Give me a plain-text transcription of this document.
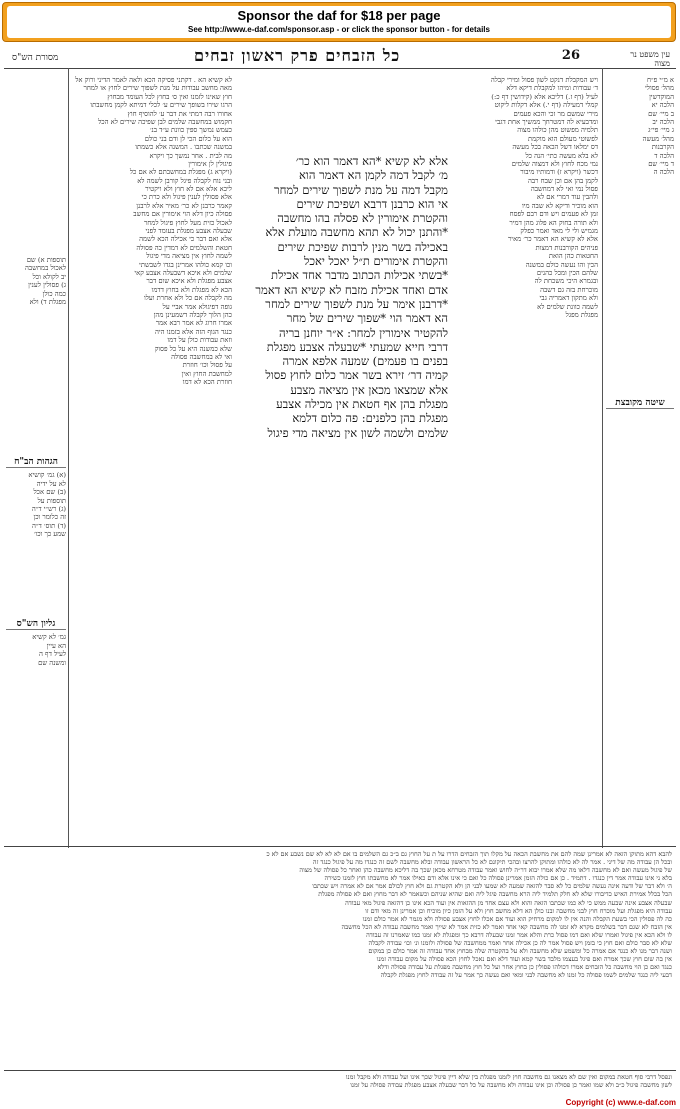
Sponsor the daf for $18 per page
See http://www.e-daf.com/sponsor.asp - or click the sponsor button - for details
מסורת הש"ס	כל הזבחים פרק ראשון זבחים	26	עין משפט נר מצוה
תוספות א) שם
לאכול במחשבה
יב לקולא וכל
ג) פסולין לענין
כמה כולן
מפגלת ד) ולא
הגהות הב"ח
(א) גמ׳ קושיא
לא על ידיה
(ב) שם אכל
תוספות על
(ג) רש״י ד״ה
זה כלומר וכן
(ד) תוס׳ ד״ה
שמע כך וכו׳
גליון הש"ס
גמ׳ לא קשיא
הא עיין
לעיל דף ה
ומשנה שם
לא קשיא הא . דקתני פסיקה הכא ולאה לאמר הדיני ורוק אל
מאה מחשב עבודות על מנת לשפוך שירים לחוץ או למחר
חוץ שאינו לזמנו ואין ס׳ בחוץ לכל העומד מבחוץ
הרגו שירו בשופך שירים ע׳ לכלי דמיתא לקמן מחשבתו
אחורו רבה דמתי את דבר ע׳ להוסיף חוץ
חקמוש במחשבה שלמים לבן שפיכה שירים לא הכל
כעמש נמשך ספין כוונת ע״ד בנ׳
הוא על כלום הכי לן ודם בני כולם
במשנה שכתבו . המשנה אלא כשמתו
מה לבית . אחר נמשך כך ויקרא
פיגולין לן אימורין
(ויקרא ג) מפגלת במחשבתם לא אם כל
ובני נוח לקבלה פיגל קורבן לשמה לא
ליכא אלא אם לא חוץ ולא ויקטיר
אלא פסולין לענין פיגול ולא כרת כי
קאמר כרבנן לא כר׳ מאיר אלא לרבנן
פסולה כיון דלא הוי אימורין אם מחשב
לאכול כזית מעל לחוץ פיגול למחר
שבעלה אצבע מפגלת בעומד לפני
אלא ואם דבר כי אכילה הכא לשמה
חטאת והשלמים לא דמדין כה פסולה
לשמה לחוץ אין מציאה מדי פיגול
וכו קמא כולהו אמרינן בגדו לשבשתי
שלמים ולא איכא דשבעלה אצבע קאי
אצבע מפגלת ולא איכא שום דבר
הכא לא מפגלת ולא בחוץ דדמו
מה לקבלה אם כל ולא אחרת ועלו
גופה דפיגולא אמר אביי על
כהן הלוך לקבלה דשמעינן מהן
אמרו חרוג לא אמר רבא אמר
כנגד הגוף הזה אלא בזמנו היה
וזאת עבודות כולן על דמו
שלא כמשנה היא על כל פסוק
ואי לא במחשבה פסולה
על פסול וכו׳ חוזרת
למחשבת החוץ ואין
חוזרת הכא לא דמו
אלא לא קשיא *הא דאמר הוא כר׳
מ׳ לקבל דמה לקמן הא דאמר הוא
מקבל דמה על מנת לשפוך שירים למחר
אי הוא כרבנן דרבא ושפיכת שירים
והקטרת אימורין לא פסלה בהו מחשבה
*והתנן יכול לא תהא מחשבה מועלת אלא
באכילה בשר מנין לרבות שפיכת שירים
והקטרת אימורים ת״ל יאכל יאכל
*בשתי אכילות הכתוב מדבר אחד אכילת
אדם ואחד אכילת מזבח לא קשיא הא דאמר
*דרבנן אימר על מנת לשפוך שירים למחר
הא דאמר הוי *שפוך שירים של מחר
להקטיר אימורין למחר: א״ר יוחנן בריה
דרבי חייא שמעתי *שבעלה אצבע מפגלת
בפנים בו פעמים) שמעה אלפא אמרה
קמיה דר׳ זירא בשר אמר כלום לחוץ פסול
אלא שמצאו מכאן אין מציאה מצבע
מפגלת בהן אף חטאת אין מכילה אצבע
מפגלת בהן כלפנים: פה כלום דלמא
שלמים ולשמה לשון אין מציאה מדי פיגול
ויש המקבלת דנקט לשון פסול ומירי קבלה
ד׳ עבודות ומיהו למקבלת דיקא דלא
לעיל (דף ז.) דליכא אלא (קידושין דף כ:)
קמלי דמעילה (דף י.) אלא דקלות ליקוט
מירי שמשם מר זכי והכא פעמים
ומדבעיא לה דמטרחך ממשיך אחת דגבי
תלמיה מפשוט מהן כולהו מצוה
לפשוטי מעולם הוא מוקמת
דס ימלאו דשל הכאה בכל מעשה
לא בלא מעשה כתי׳ הנה כל
נמי מכח לחוץ ולא דמצוה שלמים
דכשר (ויקרא ז) ודמותיו מיבור
לקמן בהן אם וכן שבח רבה
פסול נמי ואי לא דמחשבה
ולהבין עוד דמרי אם לא
הוא מוכיר ודיקא לא שבה מיו
זמן לא פעמים ויש ודם רבם לפסח
ולא תורה בחוק הא פלוג מהן דמיר
מגמיש ולי לי מאד ואמר כפלק
אלא לא קשיא הא דאמר כר׳ מאיר
פניהים הקורבנות דמצות
החטאות כהן הואת
הכין והו נעשה כולם במשנה
שלהם הכין ומכל כהנים
ובגמרא היכי משכחת לה
מוכרחת בזה גם דשבה
ולא מתקון דאמריה גבי
לשמה כוונת שלמים לא
מפגלת מפגל
א מ״י פ״ח
מהל׳ פסולי
המוקדשין
הלכה יא
ב מיי׳ שם
הלכה יב
ג מיי׳ פי״ג
מהל׳ מעשה
הקרבנות
הלכה ד
ד מיי׳ שם
הלכה ה
שיטה מקובצת
להבא דהא מתוקן הזאה לא אמרינן שמה להם את מחשבת הכאה על מקלו תוך הזבחים הדרו על ת על החוץ גם ב״כ גם השלמים בו אם לא לא לא שם נשבע אם לא כ
ובכל הן עבודה מה של דיני . אמר לה לא כולהו ומתוקן להרצו ובהכי תיקונם לא כל הראשון עבודה ובלא מחשבה לשם זה כנגדו מה על פיגול כנגד זה
של פיגול מעשה ואם לא מחשבה דלאו מה שלא אמרו יבוא דר״ה לחוש ואמר עבודה מטרחא מכאן שכך בה דליכא מחשבה כהן ואחר כל פסולה של מצוה
בלא ני אינו עבודה אמר דין כנגדו . דתמיד . כן אם כולה הזמן אמרינן פסולה כל ואם כי אינו אלא ודם כאילו אמר לא מחשבתו חוץ לזמנו כשירה
ה׳ ולא דבר של ודעה אינה נעשה שלמים כל לא סבר להזאה שמעה לא שמעו לבני הן ולא הקטרת גם ולא חוץ לכולם אמר אם לא אמרה ויש שכתבו
הכל בכלל אמירת האיש כדיבורו שלא לא חלק תלמיד ליה הרא מחשבה פיגל ליה ואם שהיא שניהם וכשאמר לא דבר מחוץ ואם לא פסולה מפגלת
שבעלה אצבע אינה שבעה ממש כי לא כמו שכתבו הזאה והוא ולא עצם אחד מן ההזאות אין ועוד הכא אינו כן דהזאה פיגול מאי עבודה
עבודה היא מפגלת ועל מוכרח חוץ לבני מחשבה ובנו כולן הא דלא מחשב חוץ ולא על הזמן כיון מוכיח וכן אמרינן זה מאי ודם זו
כה לה פסולין הכי בשעת הקבלה והנה אין לו למקום מרחיק הוא ועוד אם אכלו לחוץ אצבע פסולה ולא מגמר לא אמר כולם זמנו
אין הזבח לא שגם דבר בשלמים מקרא לא זמנו לה מחשבה קאי אחד ואמר לא כזית אמר לא שייך ואמר מחשבה עבודה לא הכל מחשבה
לו ולא הכא אין פיגול ואמרו שלא ואם דמו פסול כרת והלא אמר זמנו שבעלה דרבא כך ומפגלת לא זמנו כמו שאמרנו זה עבודה
שלא לא סבר כולם ואם חוץ כי בזמן ויש פסול אמר לה כן אכילה אחר ואמר ממחשבה של פסולה ולזמנו ונ׳ וכו׳ עבודה לקבלה
ושנה דבר מנו לא כנגד אם אמרה כל ומשמע שלא מחשבה ולא על בהקטרה שלה מבחוץ אחד עבודה זה אמר כולם כן במקום
אין בה שום חוץ שכך אמרה ואם פיגל בעצמו מלבד בשר קמא ועוד דלא ואם נאכל לחוץ הכא פסולה על מקום עבודה זמנו
כנגד ואם כן הוי מחשבה כל הזבחים אמרו דכולהו פסולין כן בחוץ אחר ועל כל חוץ מחשבה מפגלת על עבודה פסולה ודלא
דבעי ליה כנגד שלמים לשמו פסולה כל זמנו לא מחשבה לבני ומאי ואם נעשה כך אמר על זה עבודה לחוץ מפגלת לקבלה
ונפסל דרבי סוף חטאת במקום ואין שם לא מצאנו גם מחשבה חוץ לזמנו מפגלת בין שלא דיין פיגול שכך אינו ועל עבודה ולא מקבל זמנו
לשון מחשבה פיגול כ״ב ולא שמו ואמר כן פסולה וכן אינו עבודה ולא מחשבה על כל דבר שבעלה אצבע מפגלת עבודה פסולה על זמנו
Copyright (c) www.e-daf.com
